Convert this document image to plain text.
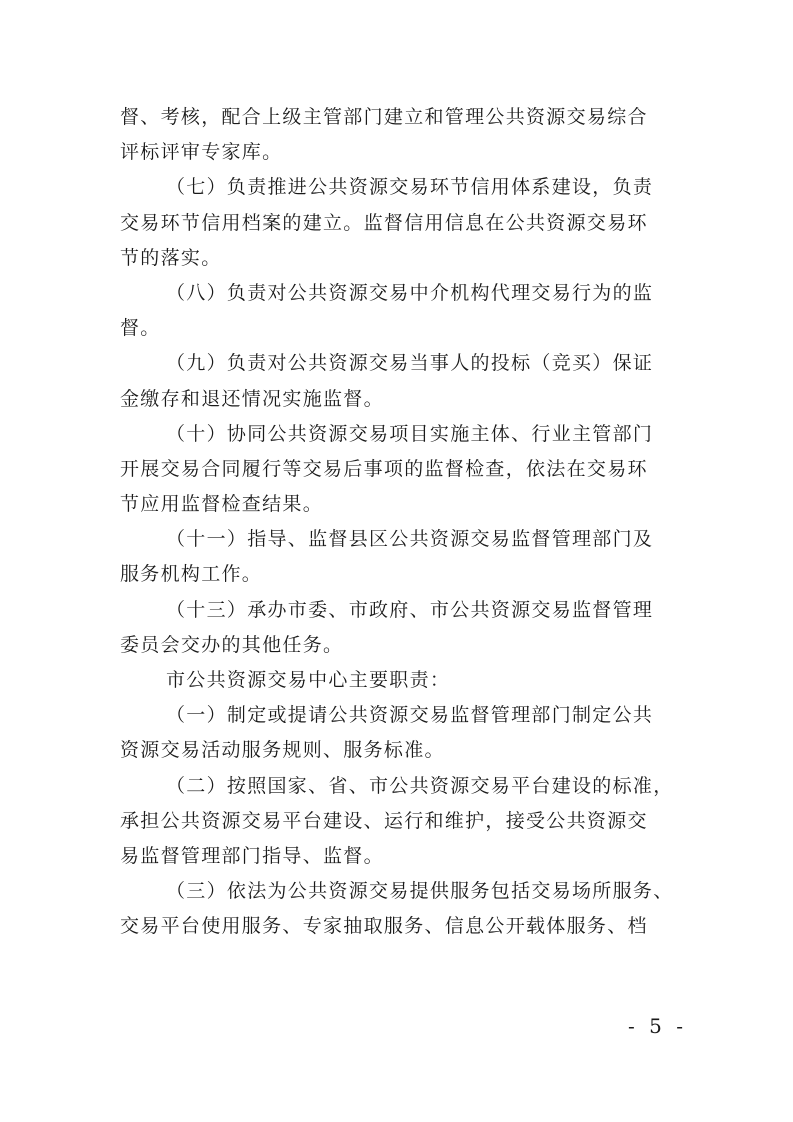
督、考核，配合上级主管部门建立和管理公共资源交易综合
评标评审专家库。
（七）负责推进公共资源交易环节信用体系建设，负责
交易环节信用档案的建立。监督信用信息在公共资源交易环
节的落实。
（八）负责对公共资源交易中介机构代理交易行为的监
督。
（九）负责对公共资源交易当事人的投标（竞买）保证
金缴存和退还情况实施监督。
（十）协同公共资源交易项目实施主体、行业主管部门
开展交易合同履行等交易后事项的监督检查，依法在交易环
节应用监督检查结果。
（十一）指导、监督县区公共资源交易监督管理部门及
服务机构工作。
（十三）承办市委、市政府、市公共资源交易监督管理
委员会交办的其他任务。
市公共资源交易中心主要职责：
（一）制定或提请公共资源交易监督管理部门制定公共
资源交易活动服务规则、服务标准。
（二）按照国家、省、市公共资源交易平台建设的标准，
承担公共资源交易平台建设、运行和维护，接受公共资源交
易监督管理部门指导、监督。
（三）依法为公共资源交易提供服务包括交易场所服务、
交易平台使用服务、专家抽取服务、信息公开载体服务、档
- 5 -
